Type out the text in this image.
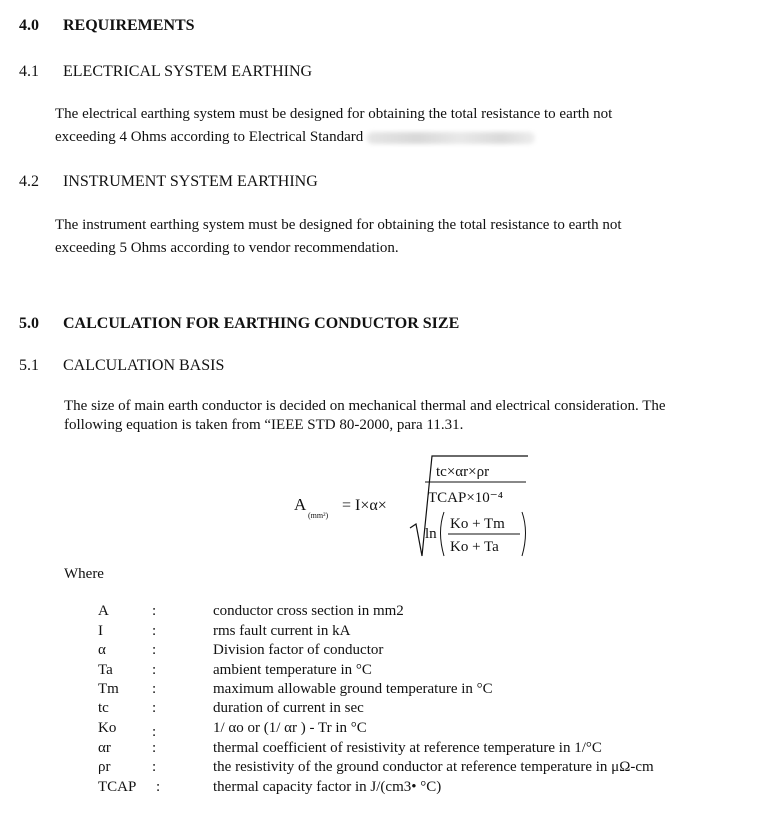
4.0 REQUIREMENTS
4.1 ELECTRICAL SYSTEM EARTHING
The electrical earthing system must be designed for obtaining the total resistance to earth not
exceeding 4 Ohms according to Electrical Standard
4.2 INSTRUMENT SYSTEM EARTHING
The instrument earthing system must be designed for obtaining the total resistance to earth not
exceeding 5 Ohms according to vendor recommendation.
5.0 CALCULATION FOR EARTHING CONDUCTOR SIZE
5.1 CALCULATION BASIS
The size of main earth conductor is decided on mechanical thermal and electrical consideration. The
following equation is taken from “IEEE STD 80-2000, para 11.31.
A
(mm²)
= I×α×
tc×αr×ρr
TCAP×10⁻⁴
ln
Ko + Tm
Ko + Ta
Where
A	:	conductor cross section in mm2
I	:	rms fault current in kA
α	:	Division factor of conductor
Ta	:	ambient temperature in °C
Tm :	maximum allowable ground temperature in °C
tc	:	duration of current in sec
Ko :	1/ αo or (1/ αr ) - Tr in °C
αr	:	thermal coefficient of resistivity at reference temperature in 1/°C
ρr	:	the resistivity of the ground conductor at reference temperature in μΩ-cm
TCAP :	thermal capacity factor in J/(cm3• °C)
